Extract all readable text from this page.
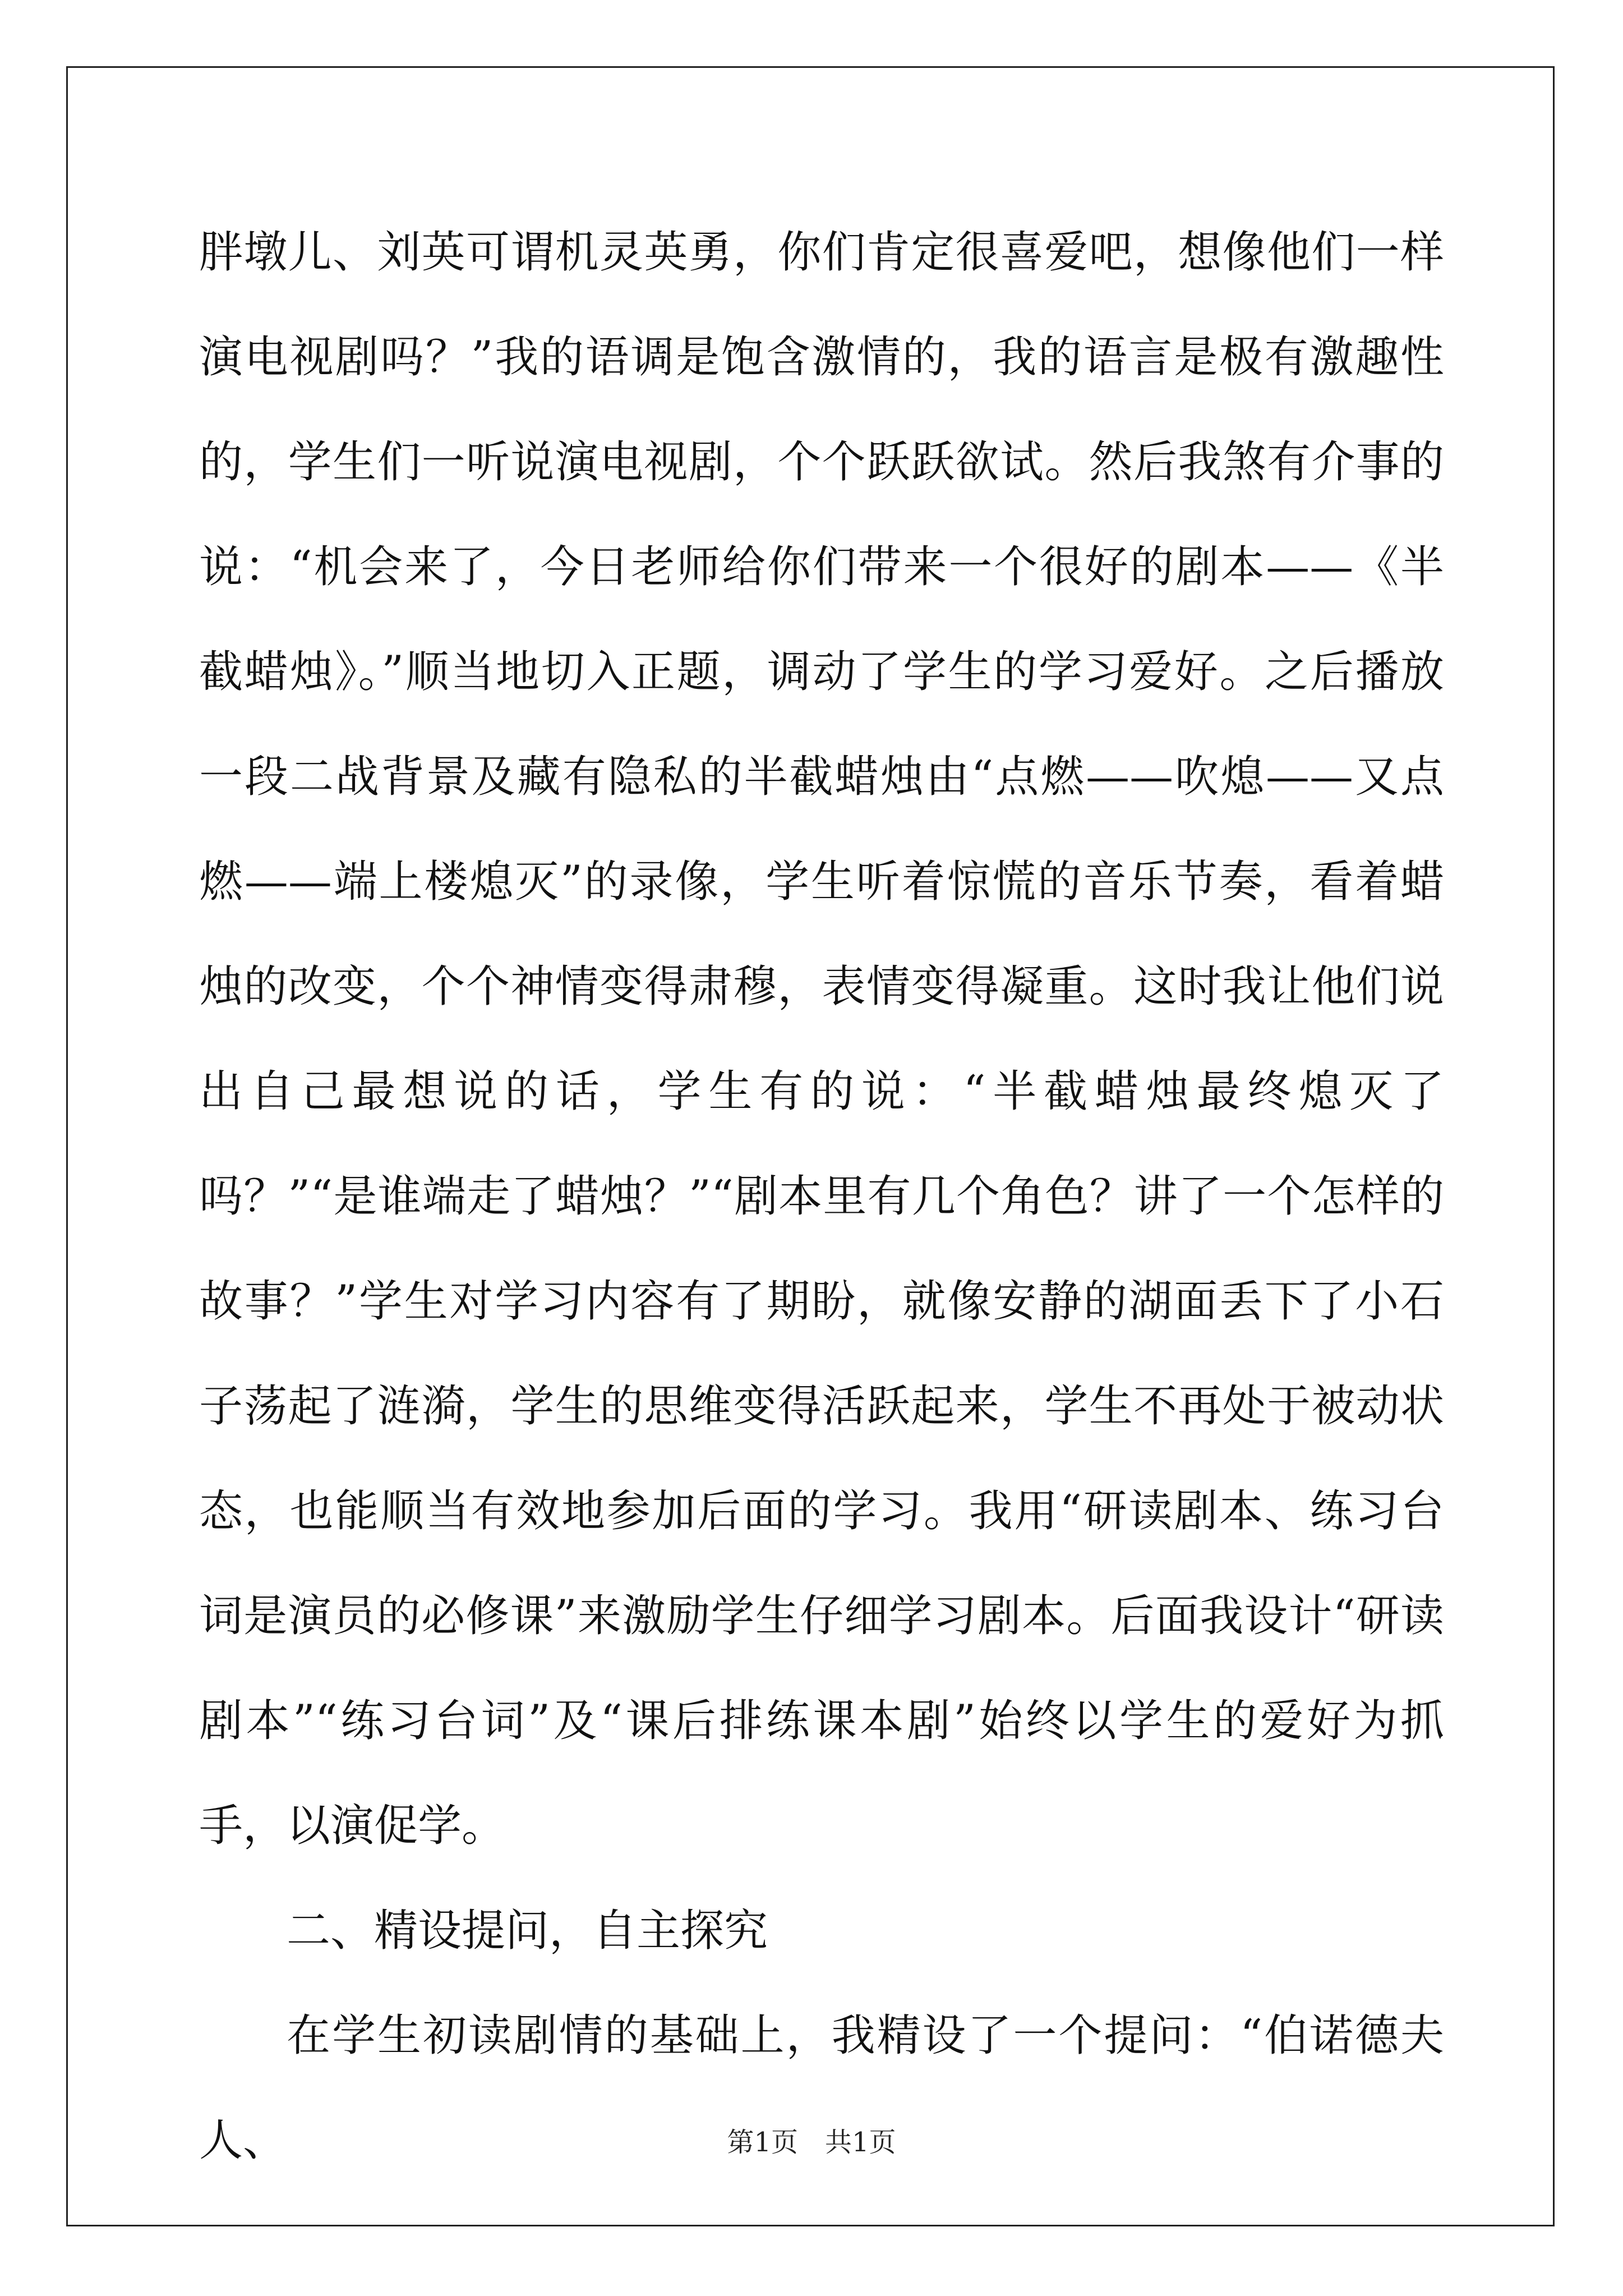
胖墩儿、刘英可谓机灵英勇，你们肯定很喜爱吧，想像他们一样演电视剧吗？”我的语调是饱含激情的，我的语言是极有激趣性的，学生们一听说演电视剧，个个跃跃欲试。然后我煞有介事的说：“机会来了，今日老师给你们带来一个很好的剧本——《半截蜡烛》。”顺当地切入正题，调动了学生的学习爱好。之后播放一段二战背景及藏有隐私的半截蜡烛由“点燃——吹熄——又点燃——端上楼熄灭”的录像，学生听着惊慌的音乐节奏，看着蜡烛的改变，个个神情变得肃穆，表情变得凝重。这时我让他们说出自己最想说的话，学生有的说：“半截蜡烛最终熄灭了吗？”“是谁端走了蜡烛？”“剧本里有几个角色？讲了一个怎样的故事？”学生对学习内容有了期盼，就像安静的湖面丢下了小石子荡起了涟漪，学生的思维变得活跃起来，学生不再处于被动状态，也能顺当有效地参加后面的学习。我用“研读剧本、练习台词是演员的必修课”来激励学生仔细学习剧本。后面我设计“研读剧本”“练习台词”及“课后排练课本剧”始终以学生的爱好为抓手，以演促学。

二、精设提问，自主探究

在学生初读剧情的基础上，我精设了一个提问：“伯诺德夫人、	第1页　共1页
